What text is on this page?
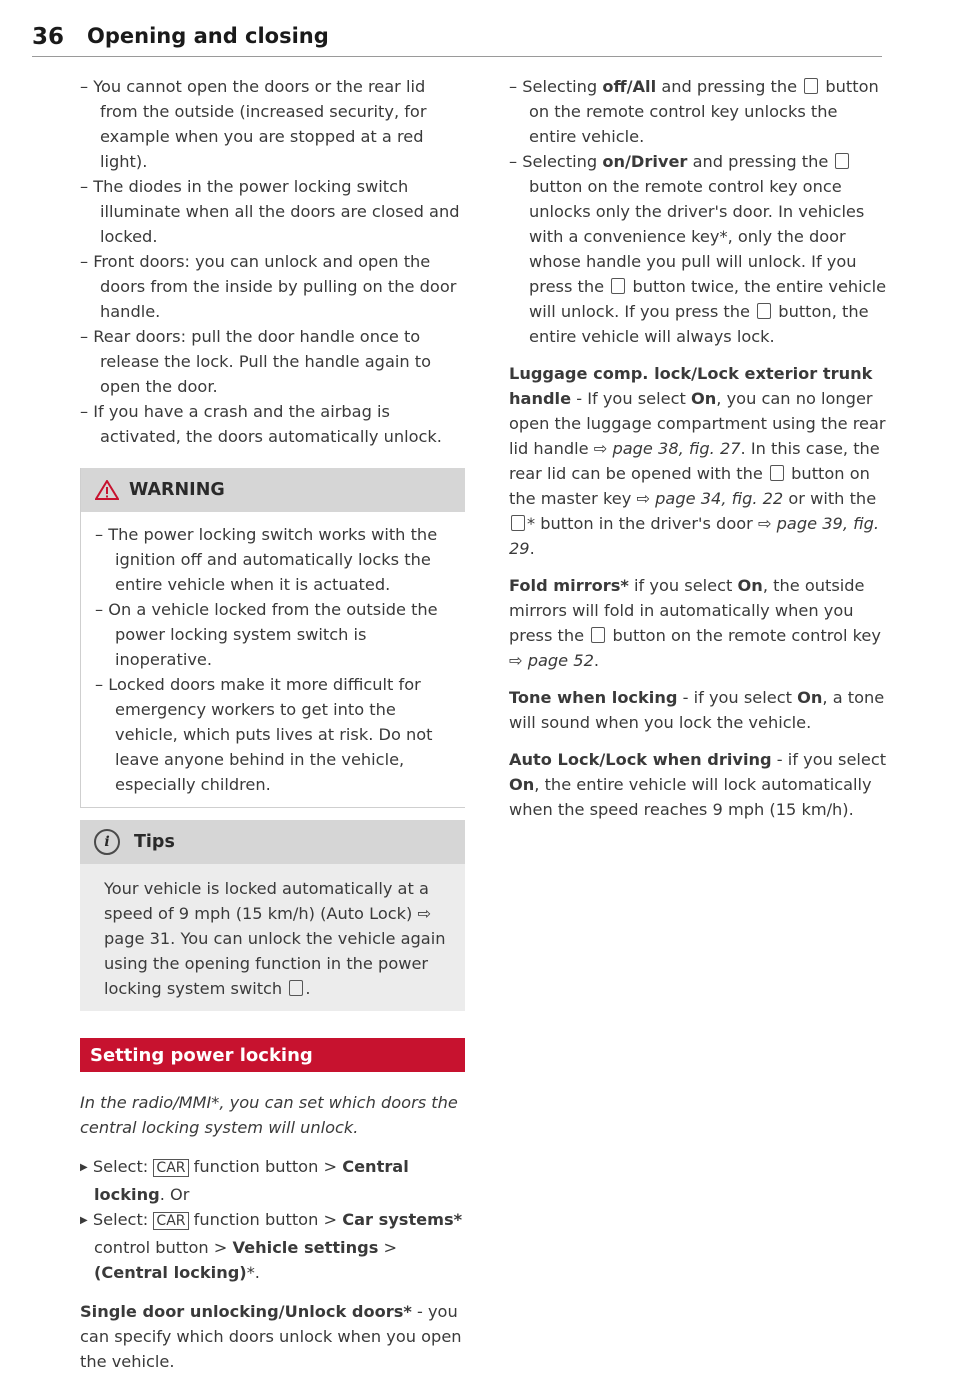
36 Opening and closing
– You cannot open the doors or the rear lid from the outside (increased security, for example when you are stopped at a red light).
– The diodes in the power locking switch illuminate when all the doors are closed and locked.
– Front doors: you can unlock and open the doors from the inside by pulling on the door handle.
– Rear doors: pull the door handle once to release the lock. Pull the handle again to open the door.
– If you have a crash and the airbag is activated, the doors automatically unlock.
WARNING
– The power locking switch works with the ignition off and automatically locks the entire vehicle when it is actuated.
– On a vehicle locked from the outside the power locking system switch is inoperative.
– Locked doors make it more difficult for emergency workers to get into the vehicle, which puts lives at risk. Do not leave anyone behind in the vehicle, especially children.
i	Tips

Your vehicle is locked automatically at a speed of 9 mph (15 km/h) (Auto Lock) ⇨ page 31. You can unlock the vehicle again using the opening function in the power locking system switch .

Setting power locking

In the radio/MMI*, you can set which doors the central locking system will unlock.

▶ Select: CAR function button > Central locking. Or
▶ Select: CAR function button > Car systems* control button > Vehicle settings > (Central locking)*.

Single door unlocking/Unlock doors* - you can specify which doors unlock when you open the vehicle.

– Selecting off/All and pressing the button on the remote control key unlocks the entire vehicle.
– Selecting on/Driver and pressing the  button on the remote control key once unlocks only the driver's door. In vehicles with a convenience key*, only the door whose handle you pull will unlock. If you press the button twice, the entire vehicle will unlock. If you press the button, the entire vehicle will always lock.

Luggage comp. lock/Lock exterior trunk handle - If you select On, you can no longer open the luggage compartment using the rear lid handle ⇨ page 38, fig. 27. In this case, the rear lid can be opened with the button on the master key ⇨ page 34, fig. 22 or with the * button in the driver's door ⇨ page 39, fig. 29.

Fold mirrors* if you select On, the outside mirrors will fold in automatically when you press the button on the remote control key ⇨ page 52.

Tone when locking - if you select On, a tone will sound when you lock the vehicle.

Auto Lock/Lock when driving - if you select On, the entire vehicle will lock automatically when the speed reaches 9 mph (15 km/h).
